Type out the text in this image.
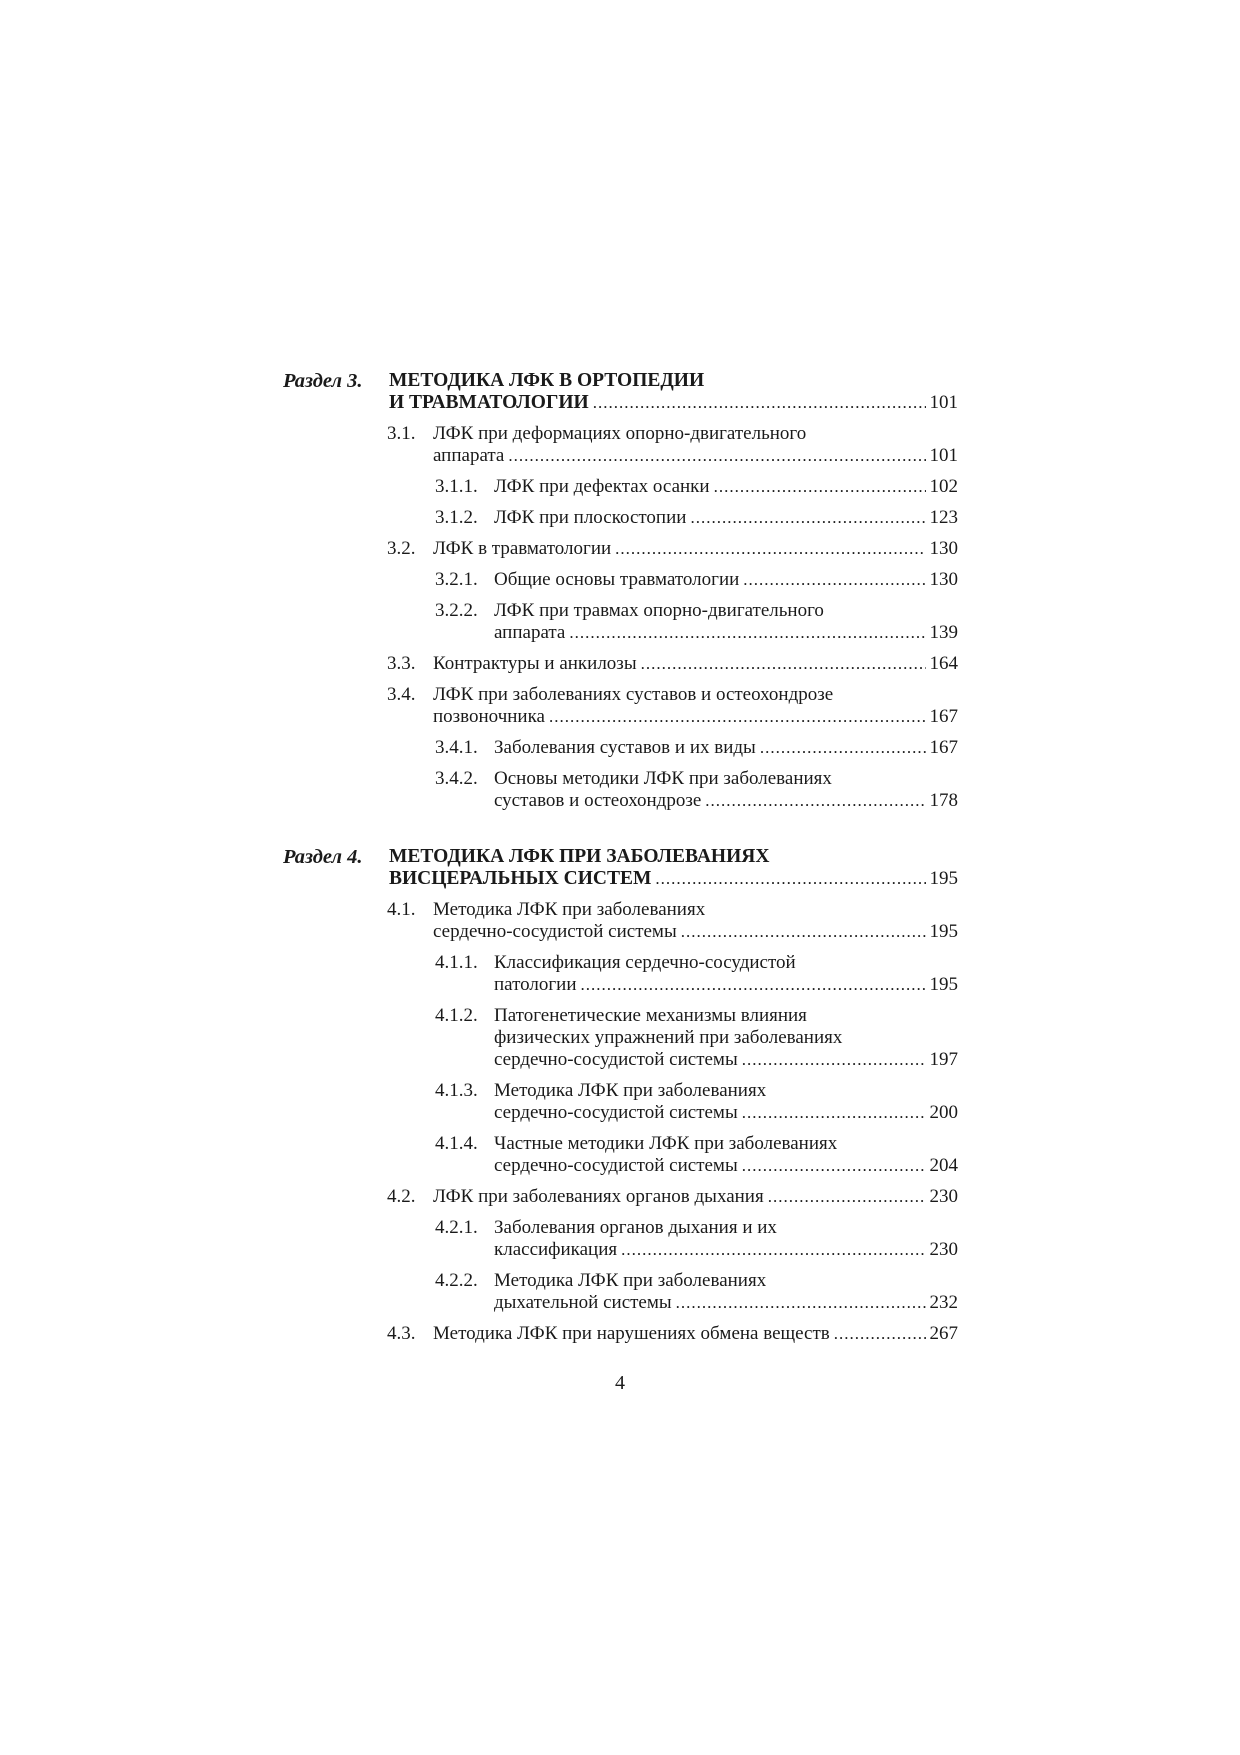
Раздел 3.	МЕТОДИКА ЛФК В ОРТОПЕДИИ
И ТРАВМАТОЛОГИИ .....	101
3.1. ЛФК при деформациях опорно-двигательного
аппарата .....	101
3.1.1. ЛФК при дефектах осанки .....	102
3.1.2. ЛФК при плоскостопии .....	123
3.2. ЛФК в травматологии .....	130
3.2.1. Общие основы травматологии .....	130
3.2.2. ЛФК при травмах опорно-двигательного
аппарата .....	139
3.3. Контрактуры и анкилозы .....	164
3.4. ЛФК при заболеваниях суставов и остеохондрозе
позвоночника .....	167
3.4.1. Заболевания суставов и их виды .....	167
3.4.2. Основы методики ЛФК при заболеваниях
суставов и остеохондрозе .....	178
Раздел 4.	МЕТОДИКА ЛФК ПРИ ЗАБОЛЕВАНИЯХ
ВИСЦЕРАЛЬНЫХ СИСТЕМ .....	195
4.1. Методика ЛФК при заболеваниях
сердечно-сосудистой системы .....	195
4.1.1. Классификация сердечно-сосудистой
патологии .....	195
4.1.2. Патогенетические механизмы влияния
физических упражнений при заболеваниях
сердечно-сосудистой системы .....	197
4.1.3. Методика ЛФК при заболеваниях
сердечно-сосудистой системы .....	200
4.1.4. Частные методики ЛФК при заболеваниях
сердечно-сосудистой системы .....	204
4.2. ЛФК при заболеваниях органов дыхания .....	230
4.2.1. Заболевания органов дыхания и их
классификация .....	230
4.2.2. Методика ЛФК при заболеваниях
дыхательной системы .....	232
4.3. Методика ЛФК при нарушениях обмена веществ .....	267
4
